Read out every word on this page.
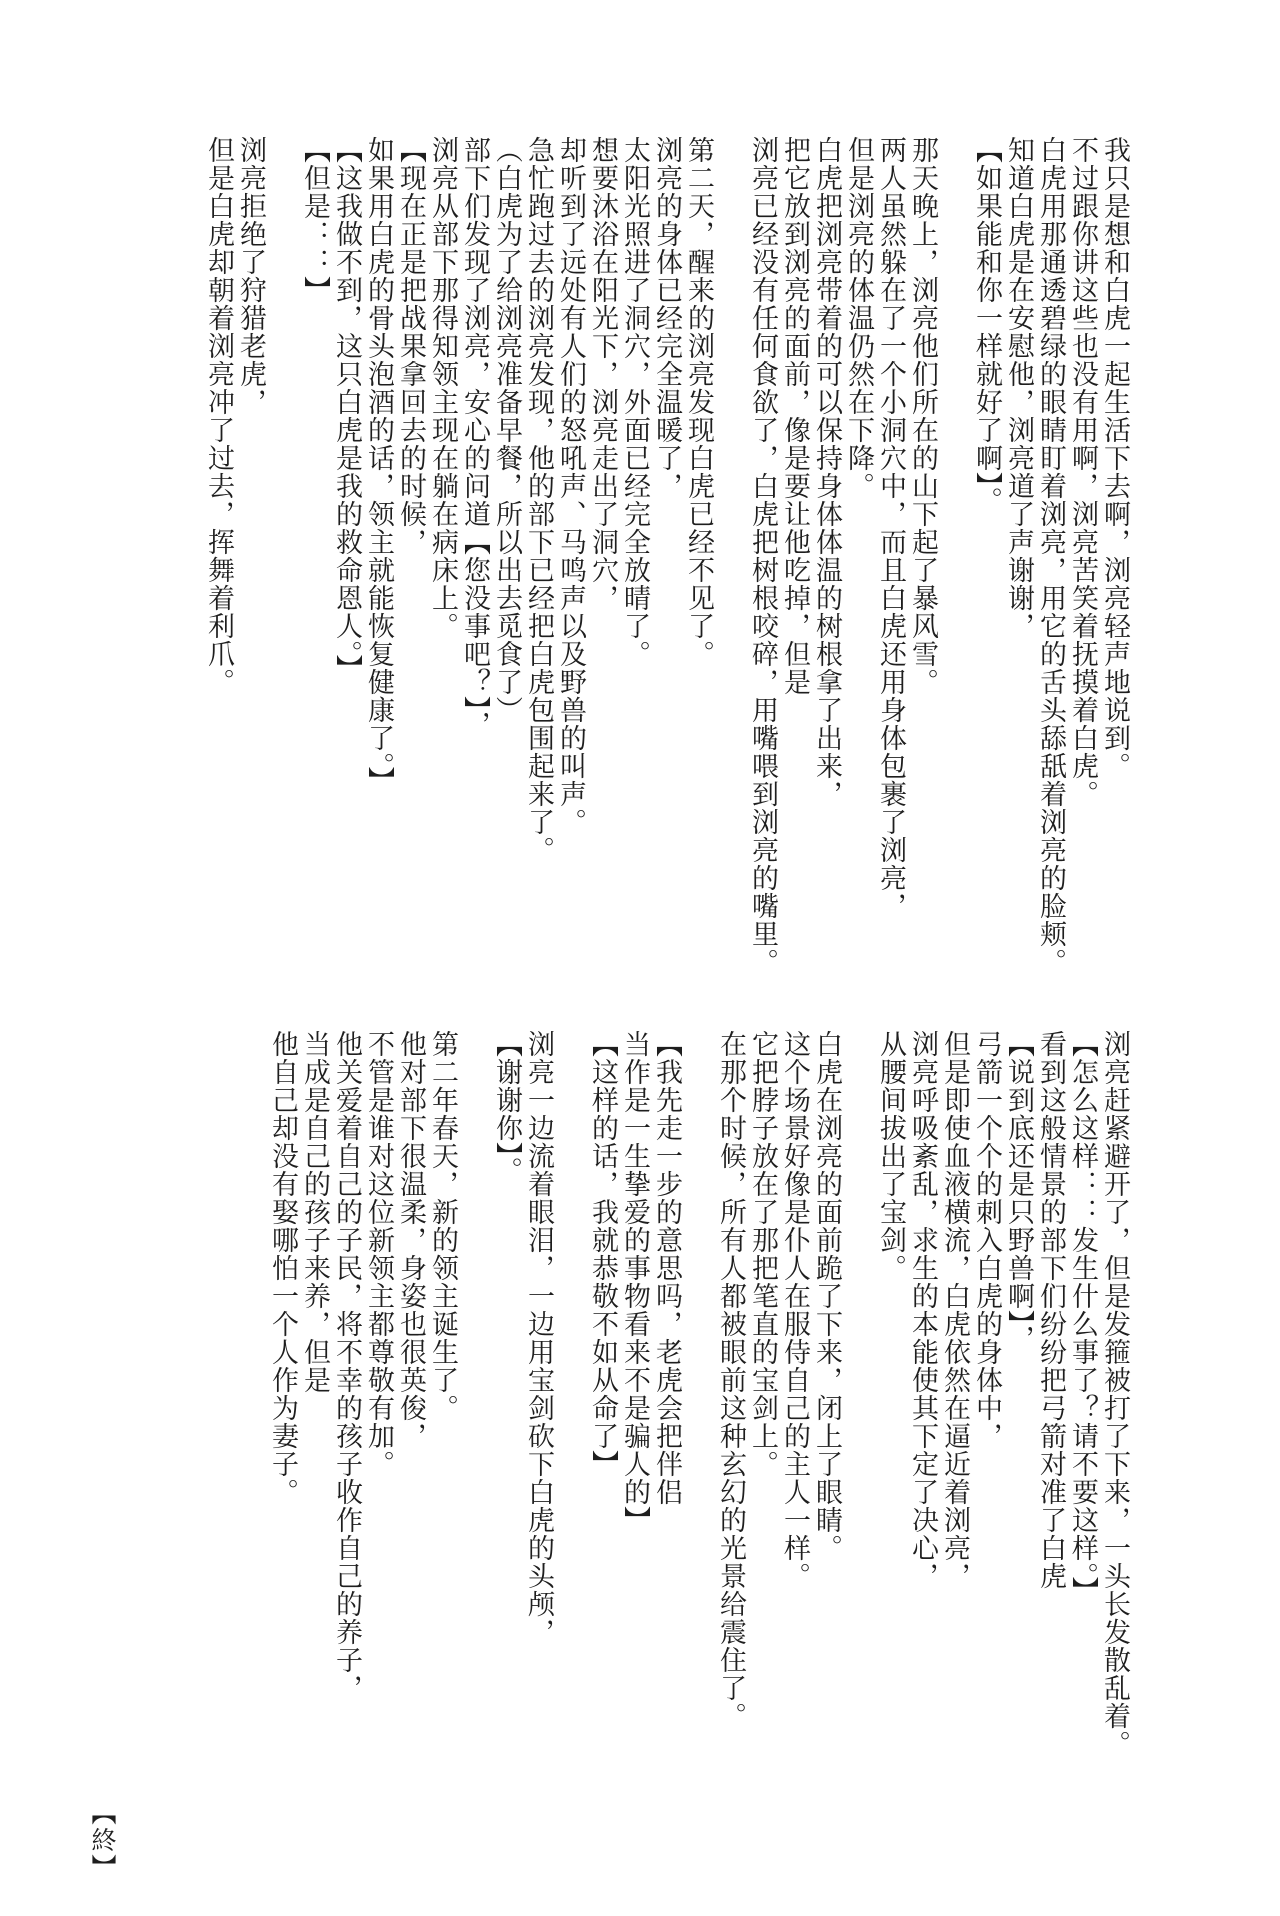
我只是想和白虎一起生活下去啊，浏亮轻声地说到。
不过跟你讲这些也没有用啊，浏亮苦笑着抚摸着白虎。
白虎用那通透碧绿的眼睛盯着浏亮，用它的舌头舔舐着浏亮的脸颊。
知道白虎是在安慰他，浏亮道了声谢谢，
【如果能和你一样就好了啊】。
那天晚上，浏亮他们所在的山下起了暴风雪。
两人虽然躲在了一个小洞穴中，而且白虎还用身体包裹了浏亮，
但是浏亮的体温仍然在下降。
白虎把浏亮带着的可以保持身体体温的树根拿了出来，
把它放到浏亮的面前，像是要让他吃掉，但是
浏亮已经没有任何食欲了，白虎把树根咬碎，用嘴喂到浏亮的嘴里。
第二天，醒来的浏亮发现白虎已经不见了。
浏亮的身体已经完全温暖了，
太阳光照进了洞穴，外面已经完全放晴了。
想要沐浴在阳光下，浏亮走出了洞穴，
却听到了远处有人们的怒吼声、马鸣声以及野兽的叫声。
急忙跑过去的浏亮发现，他的部下已经把白虎包围起来了。
（白虎为了给浏亮准备早餐，所以出去觅食了）
部下们发现了浏亮，安心的问道【您没事吧？】，
浏亮从部下那得知领主现在躺在病床上。
【现在正是把战果拿回去的时候，
如果用白虎的骨头泡酒的话，领主就能恢复健康了。】
【这我做不到，这只白虎是我的救命恩人。】
【但是：：】
浏亮拒绝了狩猎老虎，
但是白虎却朝着浏亮冲了过去，挥舞着利爪。
浏亮赶紧避开了，但是发箍被打了下来，一头长发散乱着。
【怎么这样：：发生什么事了？请不要这样。】
看到这般情景的部下们纷纷把弓箭对准了白虎
【说到底还是只野兽啊】，
弓箭一个个的刺入白虎的身体中，
但是即使血液横流，白虎依然在逼近着浏亮，
浏亮呼吸紊乱，求生的本能使其下定了决心，
从腰间拔出了宝剑。
白虎在浏亮的面前跪了下来，闭上了眼睛。
这个场景好像是仆人在服侍自己的主人一样。
它把脖子放在了那把笔直的宝剑上。
在那个时候，所有人都被眼前这种玄幻的光景给震住了。
【我先走一步的意思吗，老虎会把伴侣
当作是一生挚爱的事物看来不是骗人的】
【这样的话，我就恭敬不如从命了】
浏亮一边流着眼泪，一边用宝剑砍下白虎的头颅，
【谢谢你】。
第二年春天，新的领主诞生了。
他对部下很温柔，身姿也很英俊，
不管是谁对这位新领主都尊敬有加。
他关爱着自己的子民，将不幸的孩子收作自己的养子，
当成是自己的孩子来养，但是
他自己却没有娶哪怕一个人作为妻子。
【終】
